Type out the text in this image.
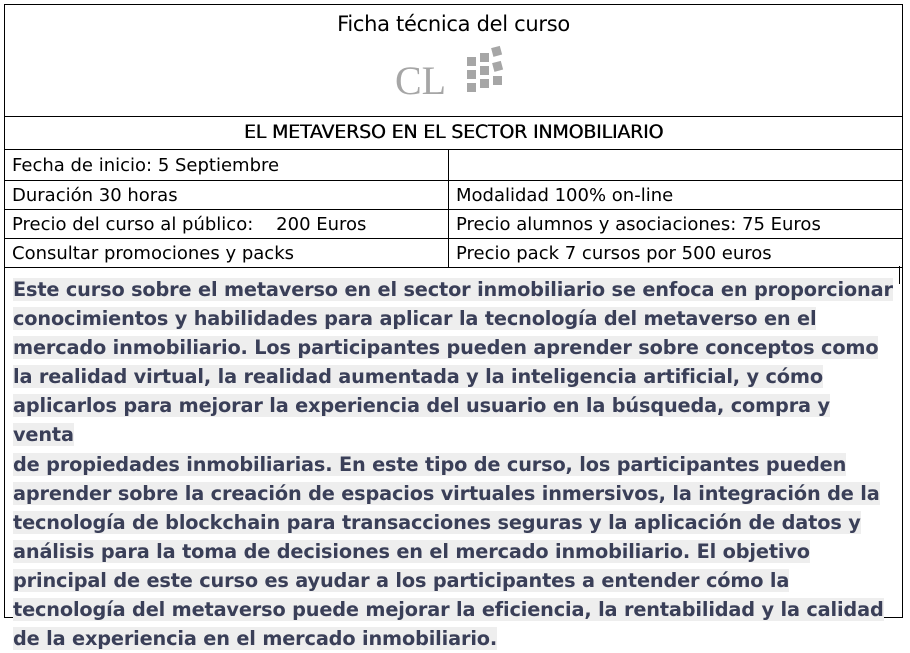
Ficha técnica del curso
CL
EL METAVERSO EN EL SECTOR INMOBILIARIO
Fecha de inicio: 5 Septiembre
Duración 30 horas	Modalidad 100% on-line
Precio del curso al público:    200 Euros	Precio alumnos y asociaciones: 75 Euros
Consultar promociones y packs	Precio pack 7 cursos por 500 euros
Este curso sobre el metaverso en el sector inmobiliario se enfoca en proporcionar
conocimientos y habilidades para aplicar la tecnología del metaverso en el
mercado inmobiliario. Los participantes pueden aprender sobre conceptos como
la realidad virtual, la realidad aumentada y la inteligencia artificial, y cómo
aplicarlos para mejorar la experiencia del usuario en la búsqueda, compra y venta
de propiedades inmobiliarias. En este tipo de curso, los participantes pueden
aprender sobre la creación de espacios virtuales inmersivos, la integración de la
tecnología de blockchain para transacciones seguras y la aplicación de datos y
análisis para la toma de decisiones en el mercado inmobiliario. El objetivo
principal de este curso es ayudar a los participantes a entender cómo la
tecnología del metaverso puede mejorar la eficiencia, la rentabilidad y la calidad
de la experiencia en el mercado inmobiliario.
